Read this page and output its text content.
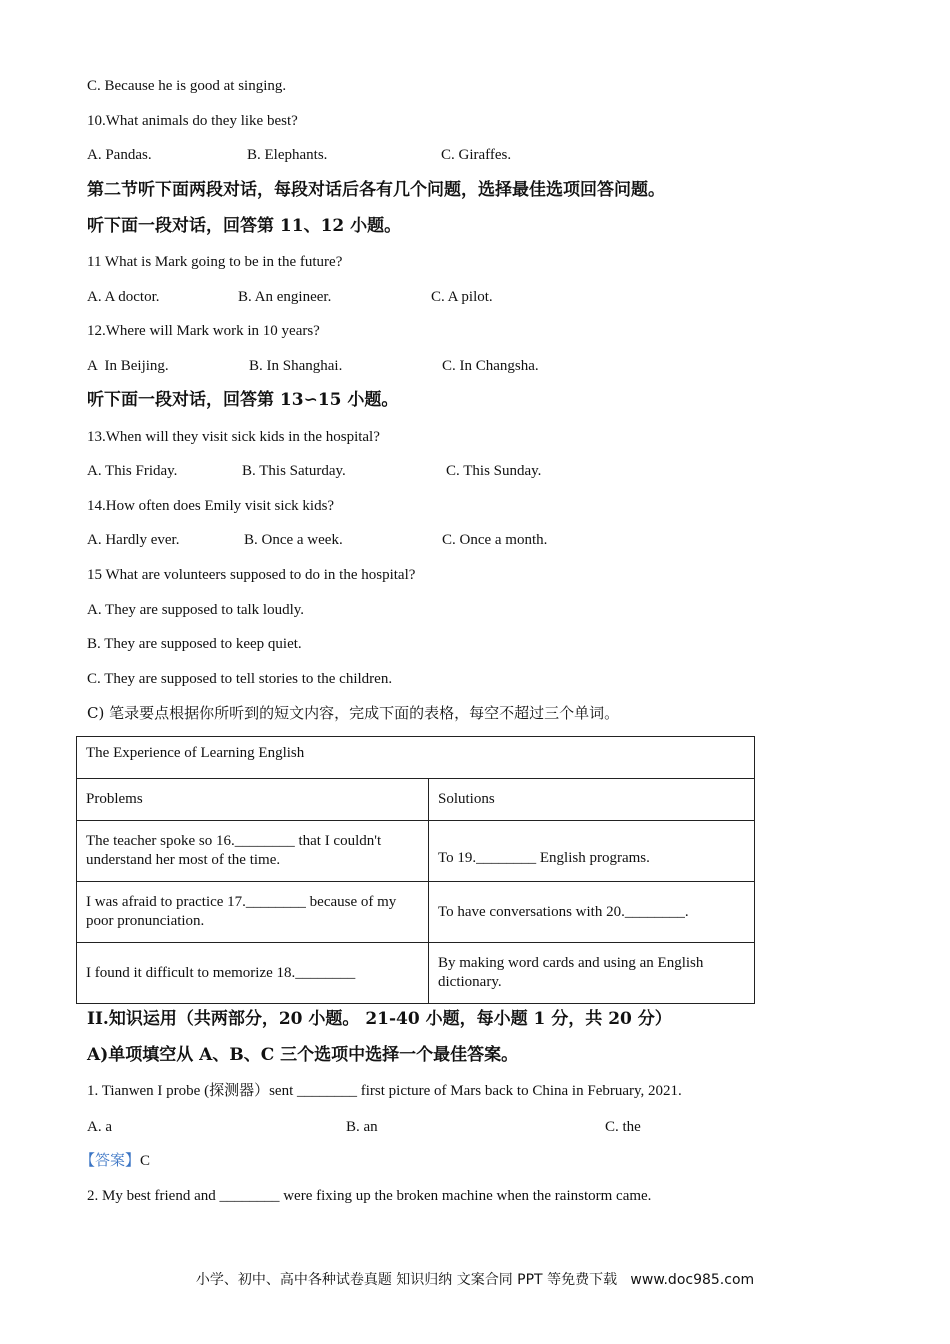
C. Because he is good at singing.
10.What animals do they like best?
A. Pandas.	B. Elephants.	C. Giraffes.
第二节听下面两段对话，每段对话后各有几个问题，选择最佳选项回答问题。
听下面一段对话，回答第 11、12 小题。
11 What is Mark going to be in the future?
A. A doctor.	B. An engineer.	C. A pilot.
12.Where will Mark work in 10 years?
A  In Beijing.	B. In Shanghai.	C. In Changsha.
听下面一段对话，回答第 13∽15 小题。
13.When will they visit sick kids in the hospital?
A. This Friday.	B. This Saturday.	C. This Sunday.
14.How often does Emily visit sick kids?
A. Hardly ever.	B. Once a week.	C. Once a month.
15 What are volunteers supposed to do in the hospital?
A. They are supposed to talk loudly.
B. They are supposed to keep quiet.
C. They are supposed to tell stories to the children.
C) 笔录要点根据你所听到的短文内容，完成下面的表格，每空不超过三个单词。
The Experience of Learning English	
Problems	Solutions
The teacher spoke so 16.________ that I couldn't understand her most of the time.	To 19.________ English programs.
I was afraid to practice 17.________ because of my poor pronunciation.	To have conversations with 20.________.
I found it difficult to memorize 18.________	By making word cards and using an English dictionary.
II.知识运用（共两部分，20 小题。 21-40 小题，每小题 1 分，共 20 分）
A)单项填空从 A、B、C 三个选项中选择一个最佳答案。
1. Tianwen I probe (探测器）sent ________ first picture of Mars back to China in February, 2021.
A. a	B. an	C. the
【答案】C
2. My best friend and ________ were fixing up the broken machine when the rainstorm came.
小学、初中、高中各种试卷真题 知识归纳 文案合同 PPT 等免费下载   www.doc985.com
